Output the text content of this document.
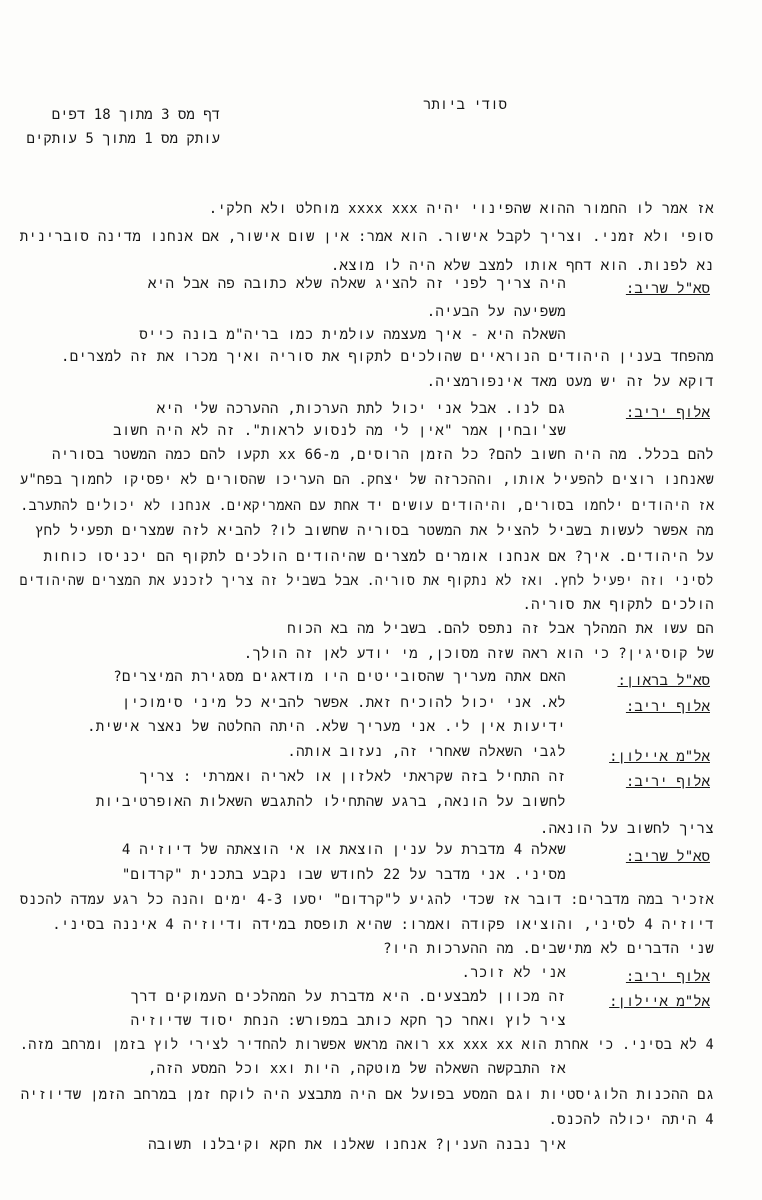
סודי ביותר
דף מס 3 מתוך 18 דפים
עותק מס 1 מתוך 5 עותקים
אז אמר לו החמור ההוא שהפינוי יהיה xxxx xxx מוחלט ולא חלקי.
סופי ולא זמני. וצריך לקבל אישור. הוא אמר: אין שום אישור, אם אנחנו מדינה סוברינית
נא לפנות. הוא דחף אותו למצב שלא היה לו מוצא.
סא"ל שריב:
היה צריך לפני זה להציג שאלה שלא כתובה פה אבל היא
משפיעה על הבעיה.
השאלה היא - איך מעצמה עולמית כמו בריה"מ בונה כייס
מהפחד בענין היהודים הנוראיים שהולכים לתקוף את סוריה ואיך מכרו את זה למצרים.
דוקא על זה יש מעט מאד אינפורמציה.
אלוף יריב:
גם לנו. אבל אני יכול לתת הערכות, ההערכה שלי היא
שצ'ובחין אמר "אין לי מה לנסוע לראות". זה לא היה חשוב
להם בכלל. מה היה חשוב להם? כל הזמן הרוסים, מ-66 xx תקעו להם כמה המשטר בסוריה
שאנחנו רוצים להפעיל אותו, וההכרזה של יצחק. הם העריכו שהסורים לא יפסיקו לחמוך בפח"ע
אז היהודים ילחמו בסורים, והיהודים עושים יד אחת עם האמריקאים. אנחנו לא יכולים להתערב.
מה אפשר לעשות בשביל להציל את המשטר בסוריה שחשוב לו? להביא לזה שמצרים תפעיל לחץ
על היהודים. איך? אם אנחנו אומרים למצרים שהיהודים הולכים לתקוף הם יכניסו כוחות
לסיני וזה יפעיל לחץ. ואז לא נתקוף את סוריה. אבל בשביל זה צריך לזכנע את המצרים שהיהודים
הולכים לתקוף את סוריה.
הם עשו את המהלך אבל זה נתפס להם. בשביל מה בא הכוח
של קוסיגין? כי הוא ראה שזה מסוכן, מי יודע לאן זה הולך.
סא"ל בראון:
האם אתה מעריך שהסובייטים היו מודאגים מסגירת המיצרים?
אלוף יריב:
לא. אני יכול להוכיח זאת. אפשר להביא כל מיני סימוכין
ידיעות אין לי. אני מעריך שלא. היתה החלטה של נאצר אישית.
אל"מ איילון:
לגבי השאלה שאחרי זה, נעזוב אותה.
אלוף יריב:
זה התחיל בזה שקראתי לאלזון או לאריה ואמרתי : צריך
לחשוב על הונאה, ברגע שהתחילו להתגבש השאלות האופרטיביות
צריך לחשוב על הונאה.
סא"ל שריב:
שאלה 4 מדברת על ענין הוצאת או אי הוצאתה של דיוזיה 4
מסיני. אני מדבר על 22 לחודש שבו נקבע בתכנית "קרדום"
אזכיר במה מדברים: דובר אז שכדי להגיע ל"קרדום" יסעו 4-3 ימים והנה כל רגע עמדה להכנס
דיוזיה 4 לסיני, והוציאו פקודה ואמרו: שהיא תופסת במידה ודיוזיה 4 איננה בסיני.
שני הדברים לא מתישבים. מה ההערכות היו?
אלוף יריב:
אני לא זוכר.
אל"מ איילון:
זה מכוון למבצעים. היא מדברת על המהלכים העמוקים דרך
ציר לוץ ואחר כך חקא כותב במפורש: הנחת יסוד שדיוזיה
4 לא בסיני. כי אחרת הוא xx xxx xx רואה מראש אפשרות להחדיר לצירי לוץ בזמן ומרחב מזה.
אז התבקשה השאלה של מוטקה, היות וxx וכל המסע הזה,
גם ההכנות הלוגיסטיות וגם המסע בפועל אם היה מתבצע היה לוקח זמן במרחב הזמן שדיוזיה
4 היתה יכולה להכנס.
איך נבנה הענין? אנחנו שאלנו את חקא וקיבלנו תשובה
